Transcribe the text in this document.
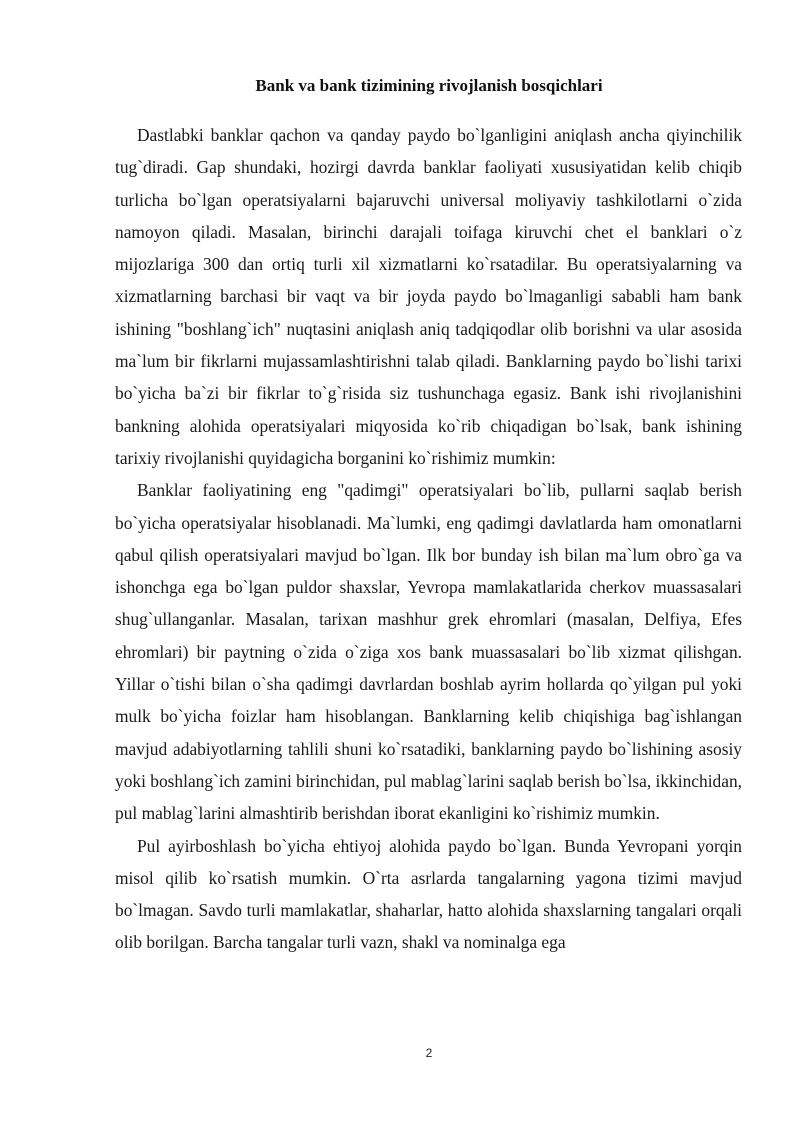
Bank va bank tizimining rivojlanish bosqichlari

Dastlabki banklar qachon va qanday paydo bo`lganligini aniqlash ancha qiyinchilik tug`diradi. Gap shundaki, hozirgi davrda banklar faoliyati xususiyatidan kelib chiqib turlicha bo`lgan operatsiyalarni bajaruvchi universal moliyaviy tashkilotlarni o`zida namoyon qiladi. Masalan, birinchi darajali toifaga kiruvchi chet el banklari o`z mijozlariga 300 dan ortiq turli xil xizmatlarni ko`rsatadilar. Bu operatsiyalarning va xizmatlarning barchasi bir vaqt va bir joyda paydo bo`lmaganligi sababli ham bank ishining "boshlang`ich" nuqtasini aniqlash aniq tadqiqodlar olib borishni va ular asosida ma`lum bir fikrlarni mujassamlashtirishni talab qiladi. Banklarning paydo bo`lishi tarixi bo`yicha ba`zi bir fikrlar to`g`risida siz tushunchaga egasiz. Bank ishi rivojlanishini bankning alohida operatsiyalari miqyosida ko`rib chiqadigan bo`lsak, bank ishining tarixiy rivojlanishi quyidagicha borganini ko`rishimiz mumkin:

Banklar faoliyatining eng "qadimgi" operatsiyalari bo`lib, pullarni saqlab berish bo`yicha operatsiyalar hisoblanadi. Ma`lumki, eng qadimgi davlatlarda ham omonatlarni qabul qilish operatsiyalari mavjud bo`lgan. Ilk bor bunday ish bilan ma`lum obro`ga va ishonchga ega bo`lgan puldor shaxslar, Yevropa mamlakatlarida cherkov muassasalari shug`ullanganlar. Masalan, tarixan mashhur grek ehromlari (masalan, Delfiya, Efes ehromlari) bir paytning o`zida o`ziga xos bank muassasalari bo`lib xizmat qilishgan. Yillar o`tishi bilan o`sha qadimgi davrlardan boshlab ayrim hollarda qo`yilgan pul yoki mulk bo`yicha foizlar ham hisoblangan. Banklarning kelib chiqishiga bag`ishlangan mavjud adabiyotlarning tahlili shuni ko`rsatadiki, banklarning paydo bo`lishining asosiy yoki boshlang`ich zamini birinchidan, pul mablag`larini saqlab berish bo`lsa, ikkinchidan, pul mablag`larini almashtirib berishdan iborat ekanligini ko`rishimiz mumkin.

Pul ayirboshlash bo`yicha ehtiyoj alohida paydo bo`lgan. Bunda Yevropani yorqin misol qilib ko`rsatish mumkin. O`rta asrlarda tangalarning yagona tizimi mavjud bo`lmagan. Savdo turli mamlakatlar, shaharlar, hatto alohida shaxslarning tangalari orqali olib borilgan. Barcha tangalar turli vazn, shakl va nominalga ega

2
